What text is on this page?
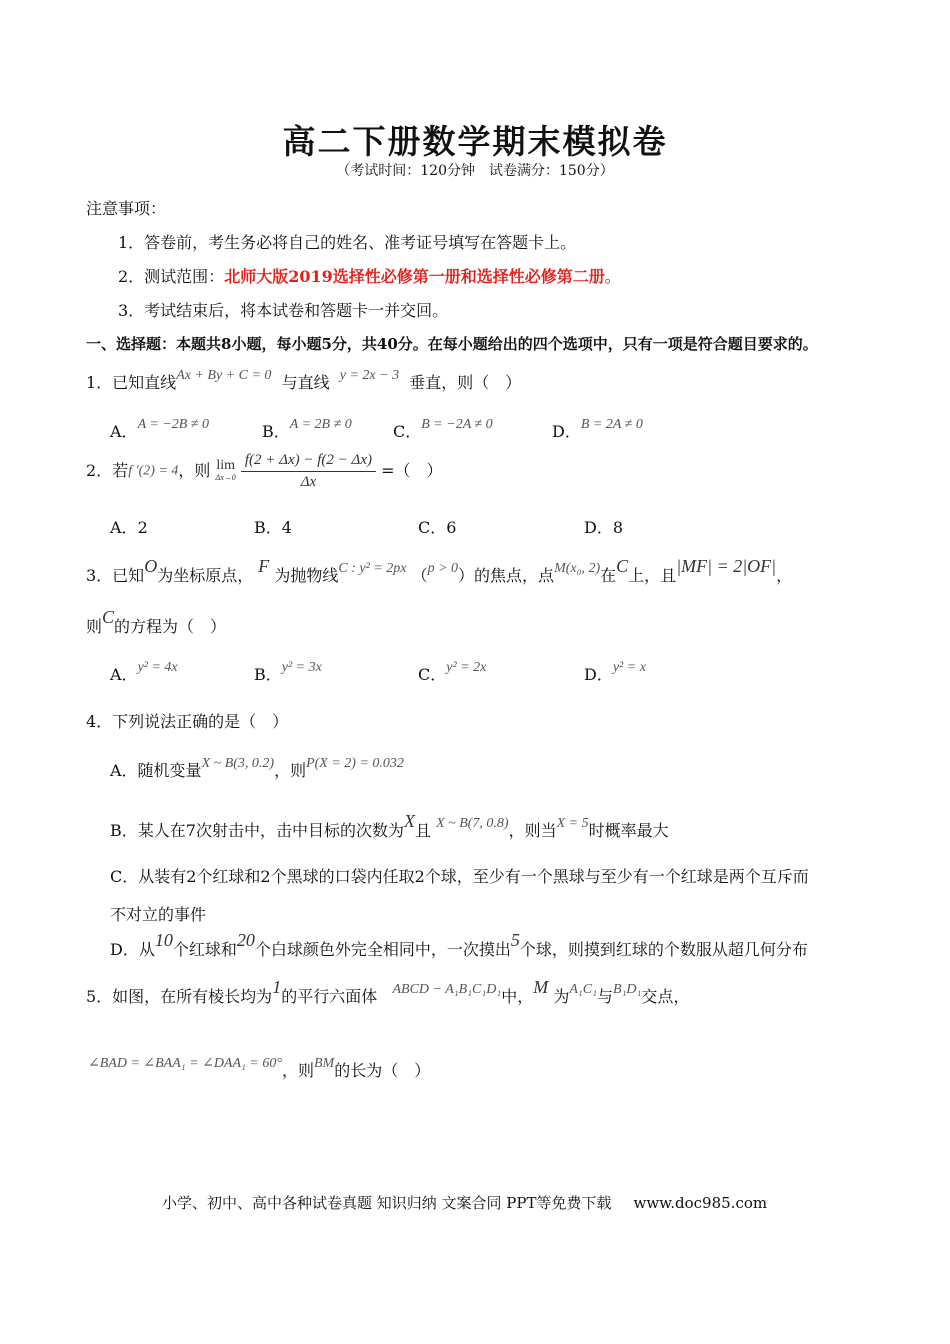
高二下册数学期末模拟卷
（考试时间：120分钟　试卷满分：150分）
注意事项：
1．答卷前，考生务必将自己的姓名、准考证号填写在答题卡上。
2．测试范围：北师大版2019选择性必修第一册和选择性必修第二册。
3．考试结束后，将本试卷和答题卡一并交回。
一、选择题：本题共8小题，每小题5分，共40分。在每小题给出的四个选项中，只有一项是符合题目要求的。
1．已知直线Ax + By + C = 0 与直线 y = 2x − 3 垂直，则（　）
A．A = −2B ≠ 0	B．A = 2B ≠ 0	C．B = −2A ≠ 0	D．B = 2A ≠ 0
2．若f ′(2) = 4，则 lim
Δx→0
$\frac{f(2 + \Delta x) - f(2 - \Delta x)}{\Delta x}$ =（　）
A．2	B．4	C．6	D．8
3．已知O为坐标原点， F 为抛物线C : y² = 2px （p > 0）的焦点，点M(x₀, 2)在C上，且|MF| = 2|OF|，
则C的方程为（　）
A．y² = 4x	B．y² = 3x	C．y² = 2x	D．y² = x
4．下列说法正确的是（　）
A．随机变量X ~ B(3, 0.2)，则P(X = 2) = 0.032
B．某人在7次射击中，击中目标的次数为X且 X ~ B(7, 0.8)，则当X = 5时概率最大
C．从装有2个红球和2个黑球的口袋内任取2个球，至少有一个黑球与至少有一个红球是两个互斥而
不对立的事件
D．从10个红球和20个白球颜色外完全相同中，一次摸出5个球，则摸到红球的个数服从超几何分布
5．如图，在所有棱长均为1的平行六面体 ABCD − A₁B₁C₁D₁中，M 为A₁C₁与B₁D₁交点，
∠BAD = ∠BAA₁ = ∠DAA₁ = 60°，则BM的长为（　）
小学、初中、高中各种试卷真题 知识归纳 文案合同 PPT等免费下载 www.doc985.com
